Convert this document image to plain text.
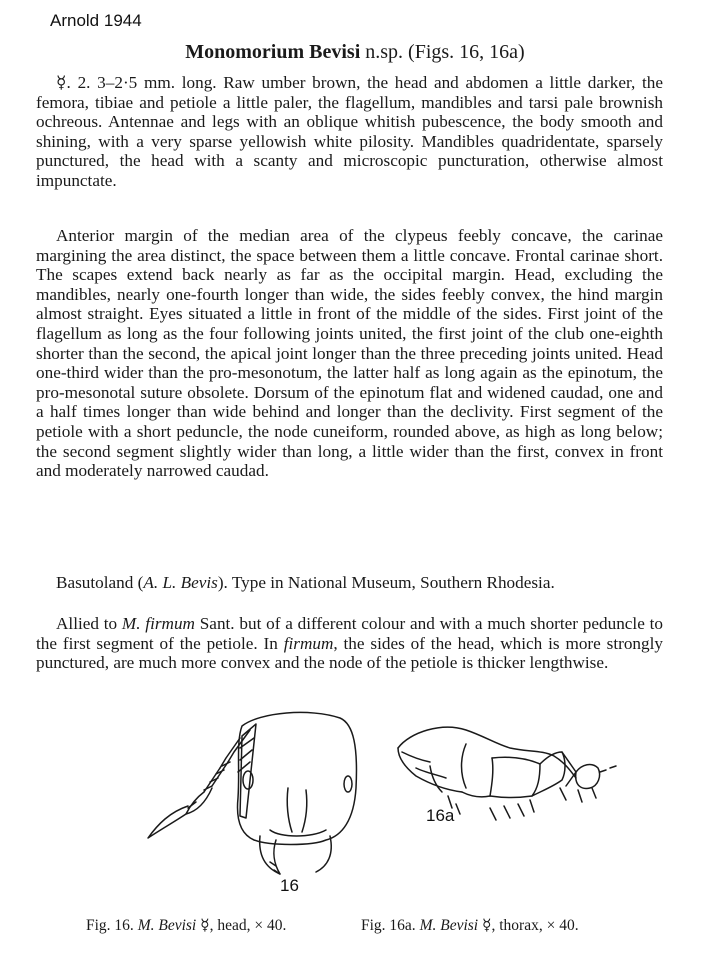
Arnold 1944
Monomorium Bevisi n.sp. (Figs. 16, 16a)

☿. 2. 3–2·5 mm. long. Raw umber brown, the head and abdomen a little darker, the femora, tibiae and petiole a little paler, the flagellum, mandibles and tarsi pale brownish ochreous. Antennae and legs with an oblique whitish pubescence, the body smooth and shining, with a very sparse yellowish white pilosity. Mandibles quadridentate, sparsely punctured, the head with a scanty and microscopic puncturation, otherwise almost impunctate.

Anterior margin of the median area of the clypeus feebly concave, the carinae margining the area distinct, the space between them a little concave. Frontal carinae short. The scapes extend back nearly as far as the occipital margin. Head, excluding the mandibles, nearly one-fourth longer than wide, the sides feebly convex, the hind margin almost straight. Eyes situated a little in front of the middle of the sides. First joint of the flagellum as long as the four following joints united, the first joint of the club one-eighth shorter than the second, the apical joint longer than the three preceding joints united. Head one-third wider than the pro-mesonotum, the latter half as long again as the epinotum, the pro-mesonotal suture obsolete. Dorsum of the epinotum flat and widened caudad, one and a half times longer than wide behind and longer than the declivity. First segment of the petiole with a short peduncle, the node cuneiform, rounded above, as high as long below; the second segment slightly wider than long, a little wider than the first, convex in front and moderately narrowed caudad.

Basutoland (A. L. Bevis). Type in National Museum, Southern Rhodesia.

Allied to M. firmum Sant. but of a different colour and with a much shorter peduncle to the first segment of the petiole. In firmum, the sides of the head, which is more strongly punctured, are much more convex and the node of the petiole is thicker lengthwise.

16
16a
Fig. 16. M. Bevisi ☿, head, × 40.	Fig. 16a. M. Bevisi ☿, thorax, × 40.
